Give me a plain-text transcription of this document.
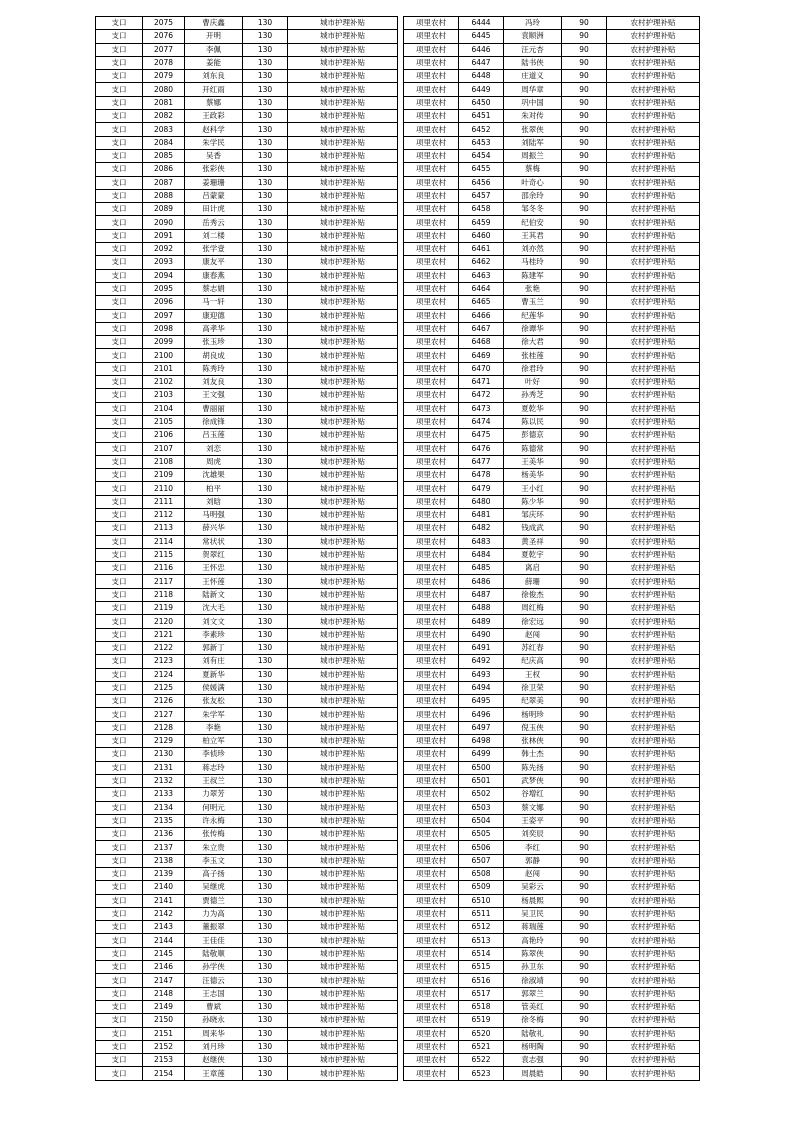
支口	2075	曹庆鑫	130	城市护理补贴
支口	2076	开明	130	城市护理补贴
支口	2077	李佩	130	城市护理补贴
支口	2078	姜能	130	城市护理补贴
支口	2079	刘东良	130	城市护理补贴
支口	2080	开红雨	130	城市护理补贴
支口	2081	蔡娜	130	城市护理补贴
支口	2082	王政彩	130	城市护理补贴
支口	2083	赵科学	130	城市护理补贴
支口	2084	朱学民	130	城市护理补贴
支口	2085	吴香	130	城市护理补贴
支口	2086	张彩侠	130	城市护理补贴
支口	2087	姜珊珊	130	城市护理补贴
支口	2088	吕蒙蒙	130	城市护理补贴
支口	2089	田计虎	130	城市护理补贴
支口	2090	岳秀云	130	城市护理补贴
支口	2091	刘二楼	130	城市护理补贴
支口	2092	张学壹	130	城市护理补贴
支口	2093	康友平	130	城市护理补贴
支口	2094	康春燕	130	城市护理补贴
支口	2095	蔡志娟	130	城市护理补贴
支口	2096	马一轩	130	城市护理补贴
支口	2097	康迎德	130	城市护理补贴
支口	2098	高孝华	130	城市护理补贴
支口	2099	张玉珍	130	城市护理补贴
支口	2100	胡良成	130	城市护理补贴
支口	2101	陈秀玲	130	城市护理补贴
支口	2102	刘友良	130	城市护理补贴
支口	2103	王文强	130	城市护理补贴
支口	2104	曹丽丽	130	城市护理补贴
支口	2105	徐成锋	130	城市护理补贴
支口	2106	吕玉莲	130	城市护理补贴
支口	2107	刘恋	130	城市护理补贴
支口	2108	周虎	130	城市护理补贴
支口	2109	沈雄果	130	城市护理补贴
支口	2110	柏平	130	城市护理补贴
支口	2111	刘晗	130	城市护理补贴
支口	2112	马明强	130	城市护理补贴
支口	2113	薛兴华	130	城市护理补贴
支口	2114	常状状	130	城市护理补贴
支口	2115	贺翠红	130	城市护理补贴
支口	2116	王怀忠	130	城市护理补贴
支口	2117	王怀莲	130	城市护理补贴
支口	2118	陆新文	130	城市护理补贴
支口	2119	沈大毛	130	城市护理补贴
支口	2120	刘文文	130	城市护理补贴
支口	2121	李素珍	130	城市护理补贴
支口	2122	郭新丁	130	城市护理补贴
支口	2123	刘有庄	130	城市护理补贴
支口	2124	夏新华	130	城市护理补贴
支口	2125	侯媛满	130	城市护理补贴
支口	2126	张友松	130	城市护理补贴
支口	2127	朱学军	130	城市护理补贴
支口	2128	李艳	130	城市护理补贴
支口	2129	柏立军	130	城市护理补贴
支口	2130	李侦珍	130	城市护理补贴
支口	2131	蒋志玲	130	城市护理补贴
支口	2132	王叔兰	130	城市护理补贴
支口	2133	力翠芳	130	城市护理补贴
支口	2134	何明元	130	城市护理补贴
支口	2135	许永梅	130	城市护理补贴
支口	2136	张传梅	130	城市护理补贴
支口	2137	朱立贵	130	城市护理补贴
支口	2138	李玉文	130	城市护理补贴
支口	2139	高子扬	130	城市护理补贴
支口	2140	吴继虎	130	城市护理补贴
支口	2141	贾德兰	130	城市护理补贴
支口	2142	力为高	130	城市护理补贴
支口	2143	董振翠	130	城市护理补贴
支口	2144	王佳佳	130	城市护理补贴
支口	2145	陆敬顺	130	城市护理补贴
支口	2146	孙学侠	130	城市护理补贴
支口	2147	汪德云	130	城市护理补贴
支口	2148	王志国	130	城市护理补贴
支口	2149	曹斌	130	城市护理补贴
支口	2150	孙晓永	130	城市护理补贴
支口	2151	周来华	130	城市护理补贴
支口	2152	刘月珍	130	城市护理补贴
支口	2153	赵继侠	130	城市护理补贴
支口	2154	王章莲	130	城市护理补贴
项里农村	6444	冯玲	90	农村护理补贴
项里农村	6445	袁顺洲	90	农村护理补贴
项里农村	6446	汪元杏	90	农村护理补贴
项里农村	6447	陆书侠	90	农村护理补贴
项里农村	6448	庄道义	90	农村护理补贴
项里农村	6449	周华章	90	农村护理补贴
项里农村	6450	巩中国	90	农村护理补贴
项里农村	6451	朱对传	90	农村护理补贴
项里农村	6452	张翠侠	90	农村护理补贴
项里农村	6453	刘陆军	90	农村护理补贴
项里农村	6454	周振兰	90	农村护理补贴
项里农村	6455	蔡梅	90	农村护理补贴
项里农村	6456	叶奇心	90	农村护理补贴
项里农村	6457	邵余玲	90	农村护理补贴
项里农村	6458	邹冬冬	90	农村护理补贴
项里农村	6459	纪伯安	90	农村护理补贴
项里农村	6460	王其君	90	农村护理补贴
项里农村	6461	刘亦然	90	农村护理补贴
项里农村	6462	马桂玲	90	农村护理补贴
项里农村	6463	陈建军	90	农村护理补贴
项里农村	6464	张艳	90	农村护理补贴
项里农村	6465	曹玉兰	90	农村护理补贴
项里农村	6466	纪莲华	90	农村护理补贴
项里农村	6467	徐谭华	90	农村护理补贴
项里农村	6468	徐大君	90	农村护理补贴
项里农村	6469	张桂莲	90	农村护理补贴
项里农村	6470	徐君玲	90	农村护理补贴
项里农村	6471	叶好	90	农村护理补贴
项里农村	6472	孙秀芝	90	农村护理补贴
项里农村	6473	夏乾华	90	农村护理补贴
项里农村	6474	陈以民	90	农村护理补贴
项里农村	6475	彭德京	90	农村护理补贴
项里农村	6476	陈德常	90	农村护理补贴
项里农村	6477	王美华	90	农村护理补贴
项里农村	6478	杨美华	90	农村护理补贴
项里农村	6479	王小红	90	农村护理补贴
项里农村	6480	陈少华	90	农村护理补贴
项里农村	6481	邹庆环	90	农村护理补贴
项里农村	6482	钱成武	90	农村护理补贴
项里农村	6483	黄圣祥	90	农村护理补贴
项里农村	6484	夏乾宇	90	农村护理补贴
项里农村	6485	离启	90	农村护理补贴
项里农村	6486	薛珊	90	农村护理补贴
项里农村	6487	徐俊杰	90	农村护理补贴
项里农村	6488	周红梅	90	农村护理补贴
项里农村	6489	徐宏远	90	农村护理补贴
项里农村	6490	赵闯	90	农村护理补贴
项里农村	6491	苏红春	90	农村护理补贴
项里农村	6492	纪庆高	90	农村护理补贴
项里农村	6493	王权	90	农村护理补贴
项里农村	6494	徐卫荣	90	农村护理补贴
项里农村	6495	纪翠美	90	农村护理补贴
项里农村	6496	杨明珍	90	农村护理补贴
项里农村	6497	倪玉侠	90	农村护理补贴
项里农村	6498	张林侠	90	农村护理补贴
项里农村	6499	韩士杰	90	农村护理补贴
项里农村	6500	陈先扬	90	农村护理补贴
项里农村	6501	武梦侠	90	农村护理补贴
项里农村	6502	谷增红	90	农村护理补贴
项里农村	6503	蔡文娜	90	农村护理补贴
项里农村	6504	王姿平	90	农村护理补贴
项里农村	6505	刘奕辰	90	农村护理补贴
项里农村	6506	李红	90	农村护理补贴
项里农村	6507	郭静	90	农村护理补贴
项里农村	6508	赵闯	90	农村护理补贴
项里农村	6509	吴彩云	90	农村护理补贴
项里农村	6510	杨晨熙	90	农村护理补贴
项里农村	6511	吴卫民	90	农村护理补贴
项里农村	6512	蒋瑞莲	90	农村护理补贴
项里农村	6513	高艳玲	90	农村护理补贴
项里农村	6514	陈翠侠	90	农村护理补贴
项里农村	6515	孙卫东	90	农村护理补贴
项里农村	6516	徐淑靖	90	农村护理补贴
项里农村	6517	郭翠兰	90	农村护理补贴
项里农村	6518	管美红	90	农村护理补贴
项里农村	6519	徐冬梅	90	农村护理补贴
项里农村	6520	陆敬礼	90	农村护理补贴
项里农村	6521	杨明陶	90	农村护理补贴
项里农村	6522	袁志强	90	农村护理补贴
项里农村	6523	周晨皓	90	农村护理补贴
